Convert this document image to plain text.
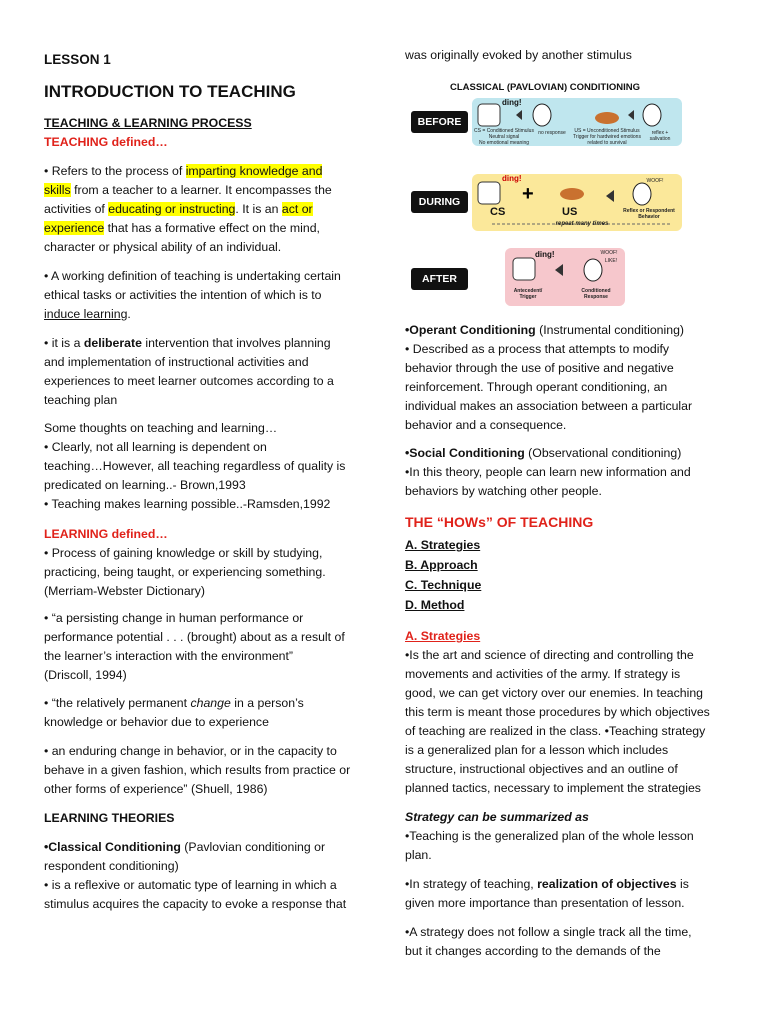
LESSON 1
INTRODUCTION TO TEACHING
TEACHING & LEARNING PROCESS
TEACHING defined…
• Refers to the process of imparting knowledge and
skills from a teacher to a learner. It encompasses the
activities of educating or instructing. It is an act or
experience that has a formative effect on the mind,
character or physical ability of an individual.
• A working definition of teaching is undertaking certain
ethical tasks or activities the intention of which is to
induce learning.
• it is a deliberate intervention that involves planning
and implementation of instructional activities and
experiences to meet learner outcomes according to a
teaching plan
Some thoughts on teaching and learning…
• Clearly, not all learning is dependent on
teaching…However, all teaching regardless of quality is
predicated on learning..- Brown,1993
• Teaching makes learning possible..-Ramsden,1992
LEARNING defined…
• Process of gaining knowledge or skill by studying,
practicing, being taught, or experiencing something.
(Merriam-Webster Dictionary)
• “a persisting change in human performance or
performance potential . . . (brought) about as a result of
the learner’s interaction with the environment”
(Driscoll, 1994)
• “the relatively permanent change in a person’s
knowledge or behavior due to experience
• an enduring change in behavior, or in the capacity to
behave in a given fashion, which results from practice or
other forms of experience” (Shuell, 1986)
LEARNING THEORIES
•Classical Conditioning (Pavlovian conditioning or
respondent conditioning)
• is a reflexive or automatic type of learning in which a
stimulus acquires the capacity to evoke a response that
was originally evoked by another stimulus
CLASSICAL (PAVLOVIAN) CONDITIONING
BEFORE
ding!
CS = Conditioned Stimulus
Neutral signal
No emotional meaning
no response	US = Unconditioned Stimulus
Trigger for hardwired emotions
related to survival
reflex +
salivation
DURING	+
ding!
CS	US	Reflex or Respondent
Behavior
repeat many times
WOOF!
AFTER
ding!
Antecedent/
Trigger
Conditioned
Response
WOOF!
LIKE!
•Operant Conditioning (Instrumental conditioning)
• Described as a process that attempts to modify
behavior through the use of positive and negative
reinforcement. Through operant conditioning, an
individual makes an association between a particular
behavior and a consequence.
•Social Conditioning (Observational conditioning)
•In this theory, people can learn new information and
behaviors by watching other people.
THE “HOWs” OF TEACHING
A. Strategies
B. Approach
C. Technique
D. Method
A. Strategies
•Is the art and science of directing and controlling the
movements and activities of the army. If strategy is
good, we can get victory over our enemies. In teaching
this term is meant those procedures by which objectives
of teaching are realized in the class. •Teaching strategy
is a generalized plan for a lesson which includes
structure, instructional objectives and an outline of
planned tactics, necessary to implement the strategies
Strategy can be summarized as
•Teaching is the generalized plan of the whole lesson
plan.
•In strategy of teaching, realization of objectives is
given more importance than presentation of lesson.
•A strategy does not follow a single track all the time,
but it changes according to the demands of the
